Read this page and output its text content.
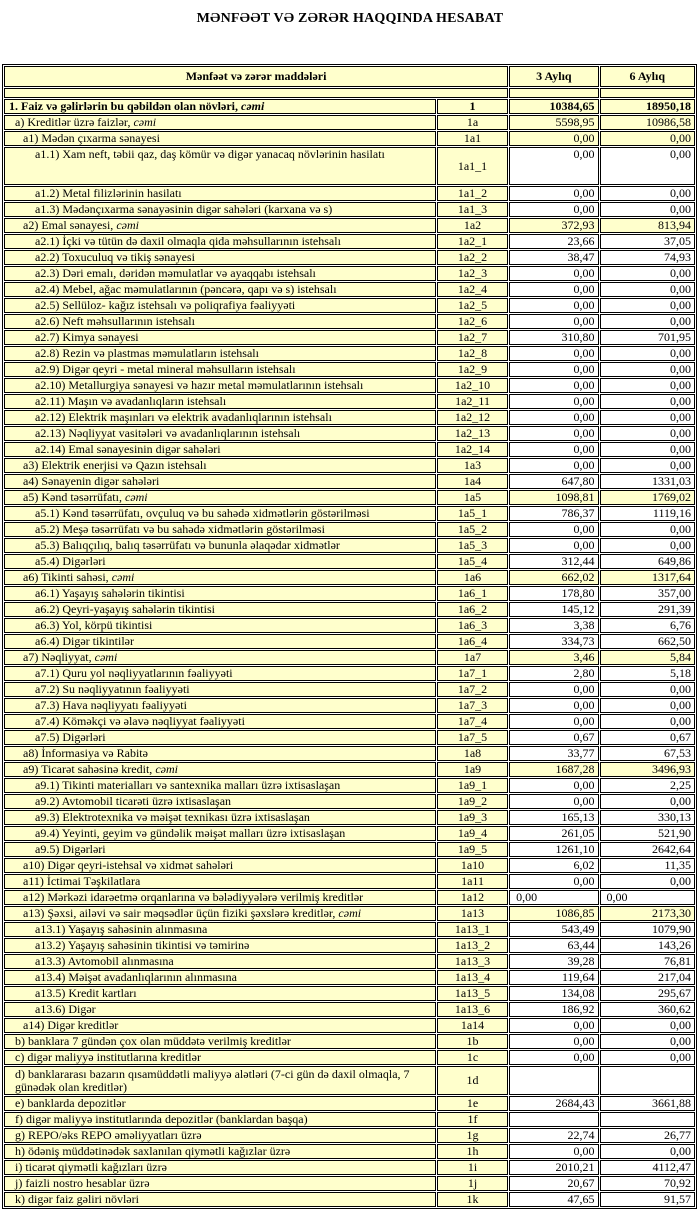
MƏNFƏƏT VƏ ZƏRƏR HAQQINDA HESABAT
Mənfəət və zərər maddələri		3 Aylıq	6 Aylıq

1. Faiz və gəlirlərin bu qəbildən olan növləri, cəmi	1	10384,65	18950,18
a) Kreditlər üzrə faizlər, cəmi	1a	5598,95	10986,58
a1) Mədən çıxarma sənayesi	1a1	0,00	0,00
a1.1) Xam neft, təbii qaz, daş kömür və digər yanacaq növlərinin hasilatı	1a1_1	0,00	0,00
a1.2) Metal filizlərinin hasilatı	1a1_2	0,00	0,00
a1.3) Mədənçıxarma sənayəsinin digər sahələri (karxana və s)	1a1_3	0,00	0,00
a2) Emal sənayesi, cəmi	1a2	372,93	813,94
a2.1) İçki və tütün də daxil olmaqla qida məhsullarının istehsalı	1a2_1	23,66	37,05
a2.2) Toxuculuq və tikiş sənayesi	1a2_2	38,47	74,93
a2.3) Dəri emalı, dəridən məmulatlar və ayaqqabı istehsalı	1a2_3	0,00	0,00
a2.4) Mebel, ağac məmulatlarının (pəncərə, qapı və s) istehsalı	1a2_4	0,00	0,00
a2.5) Sellüloz- kağız istehsalı və poliqrafiya fəaliyyəti	1a2_5	0,00	0,00
a2.6) Neft məhsullarının istehsalı	1a2_6	0,00	0,00
a2.7) Kimya sənayesi	1a2_7	310,80	701,95
a2.8) Rezin və plastmas məmulatların istehsalı	1a2_8	0,00	0,00
a2.9) Digər qeyri - metal mineral məhsulların istehsalı	1a2_9	0,00	0,00
a2.10) Metallurgiya sənayesi və hazır metal məmulatlarının istehsalı	1a2_10	0,00	0,00
a2.11) Maşın və avadanlıqların istehsalı	1a2_11	0,00	0,00
a2.12) Elektrik maşınları və elektrik avadanlıqlarının istehsalı	1a2_12	0,00	0,00
a2.13) Nəqliyyat vasitələri və avadanlıqlarının istehsalı	1a2_13	0,00	0,00
a2.14) Emal sənayesinin digər sahələri	1a2_14	0,00	0,00
a3) Elektrik enerjisi və Qazın istehsalı	1a3	0,00	0,00
a4) Sənayenin digər sahələri	1a4	647,80	1331,03
a5) Kənd təsərrüfatı, cəmi	1a5	1098,81	1769,02
a5.1) Kənd təsərrüfatı, ovçuluq və bu sahədə xidmətlərin göstərilməsi	1a5_1	786,37	1119,16
a5.2) Meşə təsərrüfatı və bu sahədə xidmətlərin göstərilməsi	1a5_2	0,00	0,00
a5.3) Balıqçılıq, balıq təsərrüfatı və bununla əlaqədar xidmətlər	1a5_3	0,00	0,00
a5.4) Digərləri	1a5_4	312,44	649,86
a6) Tikinti sahəsi, cəmi	1a6	662,02	1317,64
a6.1) Yaşayış sahələrin tikintisi	1a6_1	178,80	357,00
a6.2) Qeyri-yaşayış sahələrin tikintisi	1a6_2	145,12	291,39
a6.3) Yol, körpü tikintisi	1a6_3	3,38	6,76
a6.4) Digər tikintilər	1a6_4	334,73	662,50
a7) Nəqliyyat, cəmi	1a7	3,46	5,84
a7.1) Quru yol nəqliyyatlarının fəaliyyəti	1a7_1	2,80	5,18
a7.2) Su nəqliyyatının fəaliyyəti	1a7_2	0,00	0,00
a7.3) Hava nəqliyyatı fəaliyyəti	1a7_3	0,00	0,00
a7.4) Köməkçi və əlavə nəqliyyat fəaliyyəti	1a7_4	0,00	0,00
a7.5) Digərləri	1a7_5	0,67	0,67
a8) İnformasiya və Rabitə	1a8	33,77	67,53
a9) Ticarət sahəsinə kredit, cəmi	1a9	1687,28	3496,93
a9.1) Tikinti materialları və santexnika malları üzrə ixtisaslaşan	1a9_1	0,00	2,25
a9.2) Avtomobil ticarəti üzrə ixtisaslaşan	1a9_2	0,00	0,00
a9.3) Elektrotexnika və məişət texnikası üzrə ixtisaslaşan	1a9_3	165,13	330,13
a9.4) Yeyinti, geyim və gündəlik məişət malları üzrə ixtisaslaşan	1a9_4	261,05	521,90
a9.5) Digərləri	1a9_5	1261,10	2642,64
a10) Digər qeyri-istehsal və xidmət sahələri	1a10	6,02	11,35
a11) İctimai Təşkilatlara	1a11	0,00	0,00
a12) Mərkəzi idarəetmə orqanlarına və bələdiyyələrə verilmiş kreditlər	1a12	0,00	0,00
a13) Şəxsi, ailəvi və sair məqsədlər üçün fiziki şəxslərə kreditlər, cəmi	1a13	1086,85	2173,30
a13.1) Yaşayış sahəsinin alınmasına	1a13_1	543,49	1079,90
a13.2) Yaşayış sahəsinin tikintisi və təmirinə	1a13_2	63,44	143,26
a13.3) Avtomobil alınmasına	1a13_3	39,28	76,81
a13.4) Məişət avadanlıqlarının alınmasına	1a13_4	119,64	217,04
a13.5) Kredit kartları	1a13_5	134,08	295,67
a13.6) Digər	1a13_6	186,92	360,62
a14) Digər kreditlər	1a14	0,00	0,00
b) banklara 7 gündən çox olan müddətə verilmiş kreditlər	1b	0,00	0,00
c) digər maliyyə institutlarına kreditlər	1c	0,00	0,00
d) banklararası bazarın qısamüddətli maliyyə alətləri (7-ci gün də daxil olmaqla, 7 günədək olan kreditlər)	1d		
e) banklarda depozitlər	1e	2684,43	3661,88
f) digər maliyyə institutlarında depozitlər (banklardan başqa)	1f		
g) REPO/əks REPO əməliyyatları üzrə	1g	22,74	26,77
h) ödəniş müddətinədək saxlanılan qiymətli kağızlar üzrə	1h	0,00	0,00
i) ticarət qiymətli kağızları üzrə	1i	2010,21	4112,47
j) faizli nostro hesablar üzrə	1j	20,67	70,92
k) digər faiz gəliri növləri	1k	47,65	91,57
